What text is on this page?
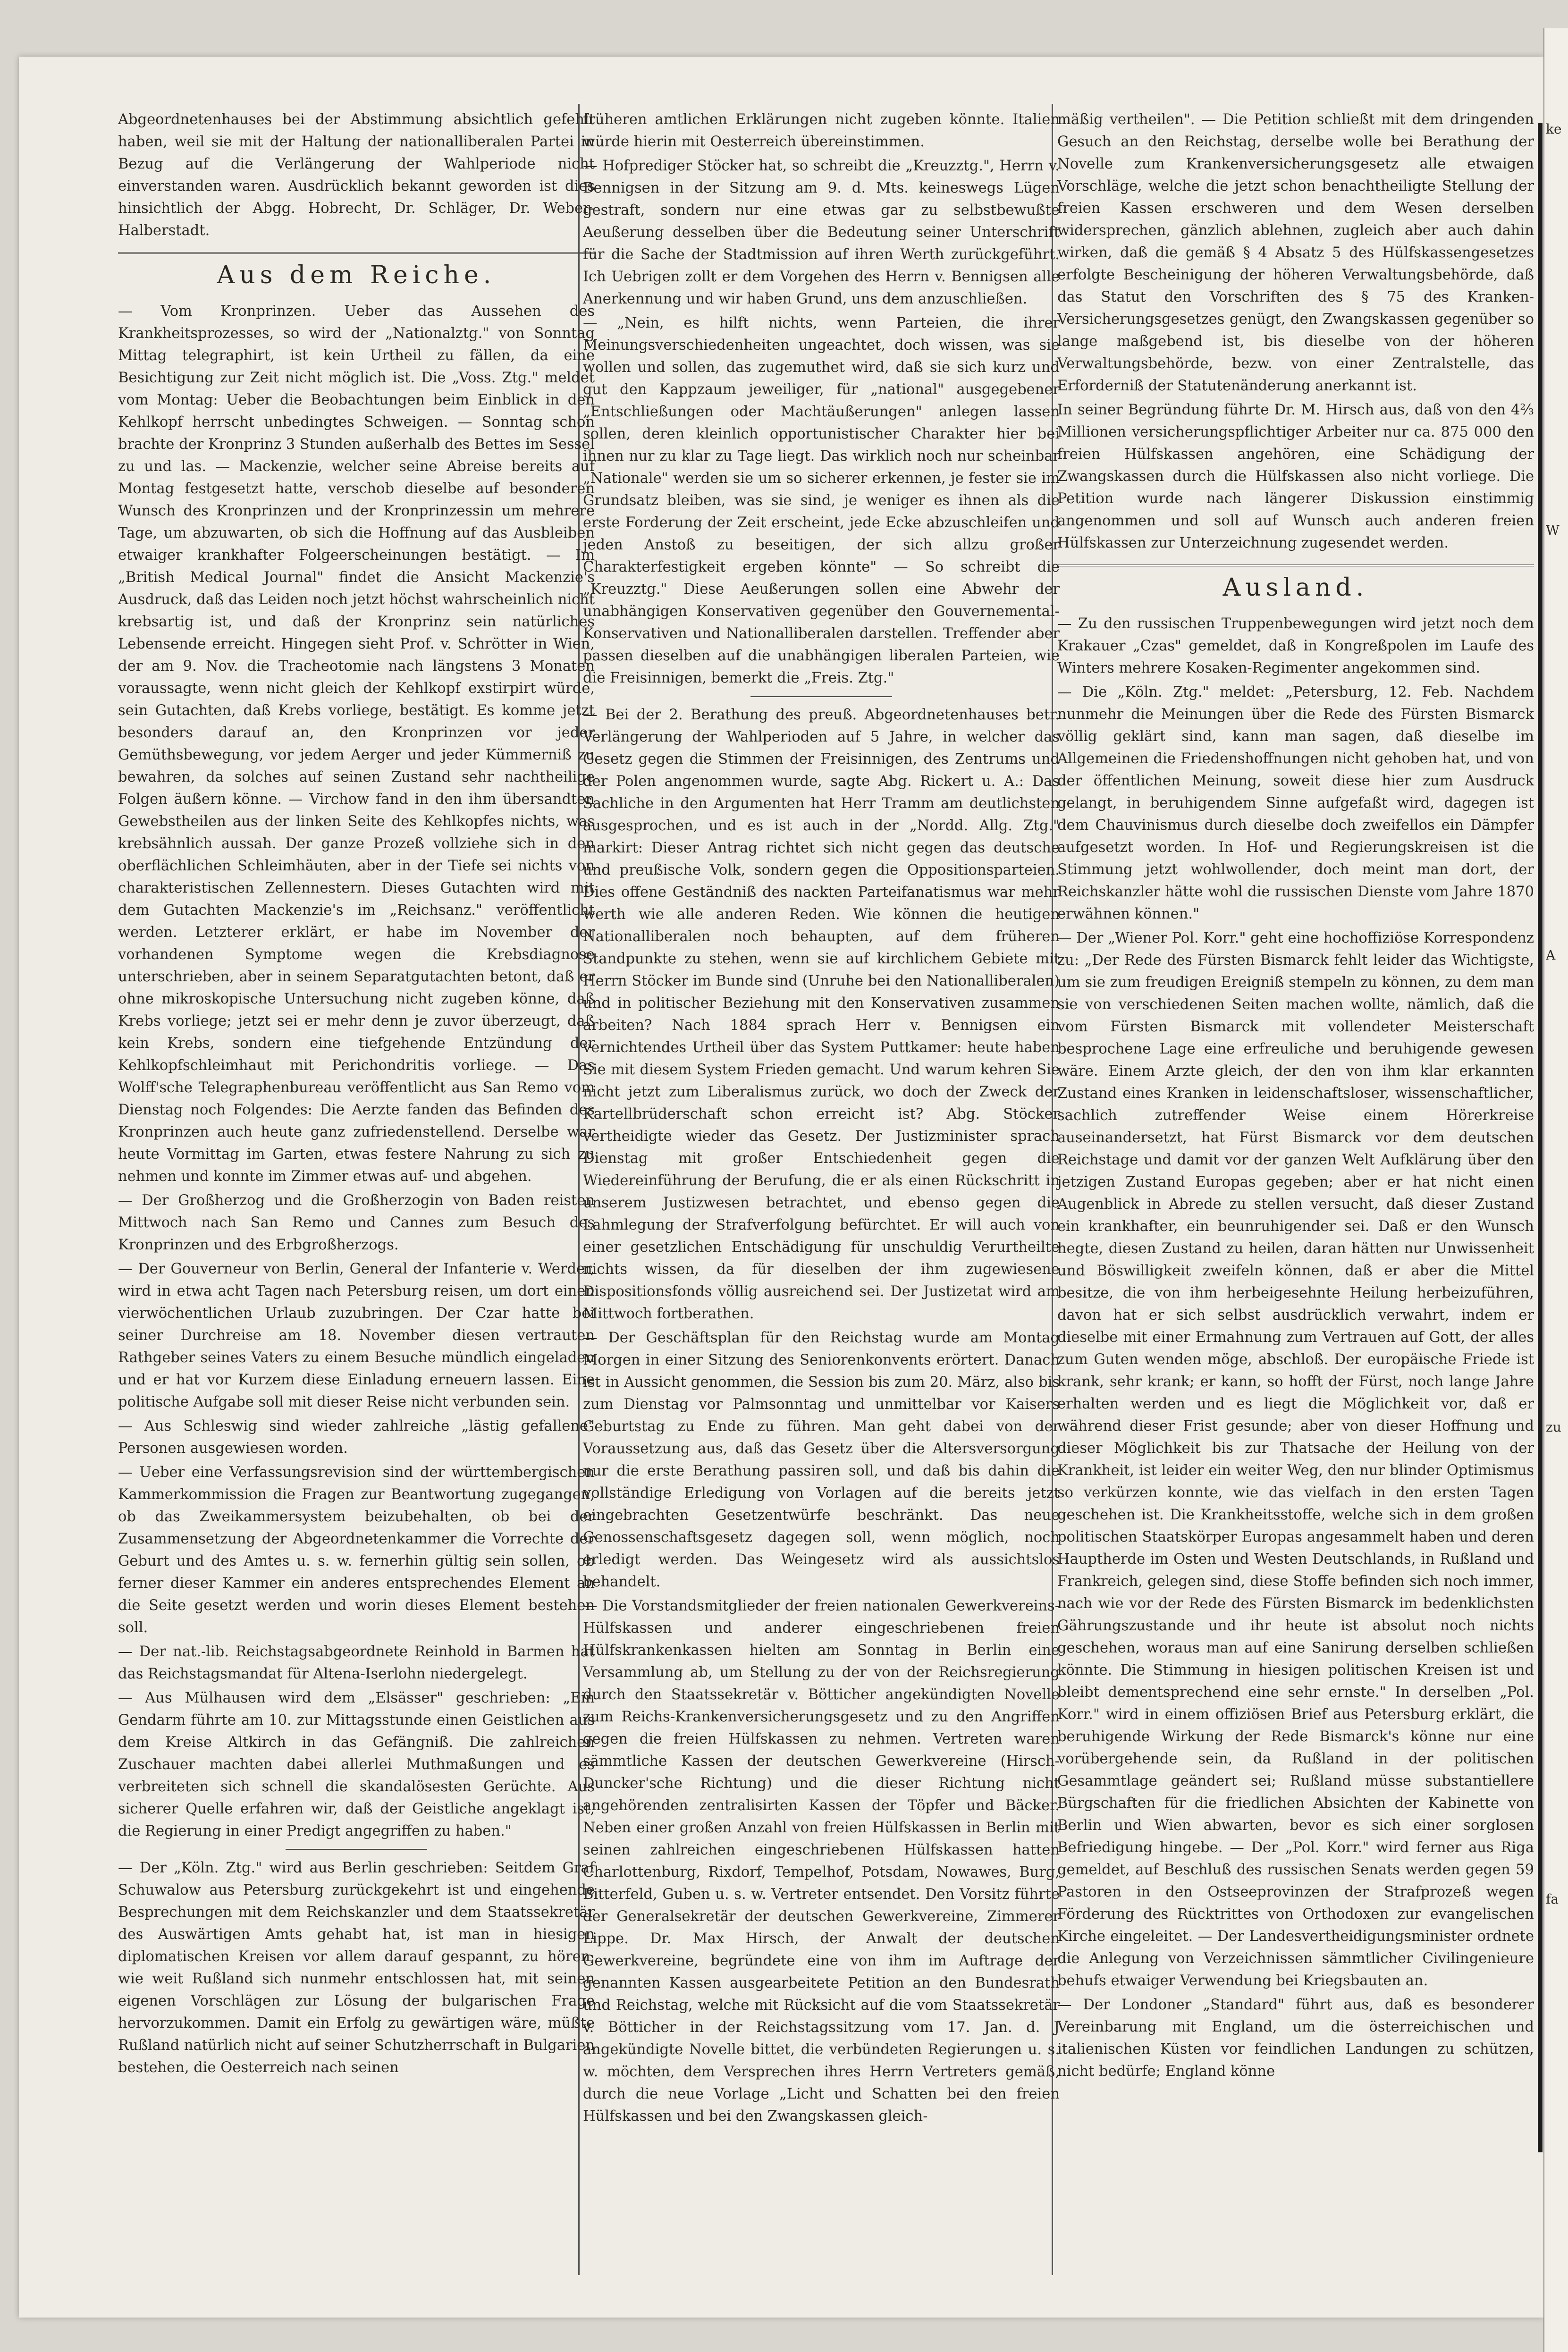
Abgeordnetenhauses bei der Abstimmung absichtlich gefehlt haben, weil sie mit der Haltung der nationalliberalen Partei in Bezug auf die Verlängerung der Wahlperiode nicht einverstanden waren. Ausdrücklich bekannt geworden ist dies hinsichtlich der Abgg. Hobrecht, Dr. Schläger, Dr. Weber-Halberstadt.

Aus dem Reiche.

— Vom Kronprinzen. Ueber das Aussehen des Krankheitsprozesses, so wird der „Nationalztg." von Sonntag Mittag telegraphirt, ist kein Urtheil zu fällen, da eine Besichtigung zur Zeit nicht möglich ist. Die „Voss. Ztg." meldet vom Montag: Ueber die Beobachtungen beim Einblick in den Kehlkopf herrscht unbedingtes Schweigen. — Sonntag schon brachte der Kronprinz 3 Stunden außerhalb des Bettes im Sessel zu und las. — Mackenzie, welcher seine Abreise bereits auf Montag festgesetzt hatte, verschob dieselbe auf besonderen Wunsch des Kronprinzen und der Kronprinzessin um mehrere Tage, um abzuwarten, ob sich die Hoffnung auf das Ausbleiben etwaiger krankhafter Folgeerscheinungen bestätigt. — Im „British Medical Journal" findet die Ansicht Mackenzie's Ausdruck, daß das Leiden noch jetzt höchst wahrscheinlich nicht krebsartig ist, und daß der Kronprinz sein natürliches Lebensende erreicht. Hingegen sieht Prof. v. Schrötter in Wien, der am 9. Nov. die Tracheotomie nach längstens 3 Monaten voraussagte, wenn nicht gleich der Kehlkopf exstirpirt würde, sein Gutachten, daß Krebs vorliege, bestätigt. Es komme jetzt besonders darauf an, den Kronprinzen vor jeder Gemüthsbewegung, vor jedem Aerger und jeder Kümmerniß zu bewahren, da solches auf seinen Zustand sehr nachtheilige Folgen äußern könne. — Virchow fand in den ihm übersandten Gewebstheilen aus der linken Seite des Kehlkopfes nichts, was krebsähnlich aussah. Der ganze Prozeß vollziehe sich in den oberflächlichen Schleimhäuten, aber in der Tiefe sei nichts von charakteristischen Zellennestern. Dieses Gutachten wird mit dem Gutachten Mackenzie's im „Reichsanz." veröffentlicht werden. Letzterer erklärt, er habe im November der vorhandenen Symptome wegen die Krebsdiagnose unterschrieben, aber in seinem Separatgutachten betont, daß er ohne mikroskopische Untersuchung nicht zugeben könne, daß Krebs vorliege; jetzt sei er mehr denn je zuvor überzeugt, daß kein Krebs, sondern eine tiefgehende Entzündung der Kehlkopfschleimhaut mit Perichondritis vorliege. — Das Wolff'sche Telegraphenbureau veröffentlicht aus San Remo vom Dienstag noch Folgendes: Die Aerzte fanden das Befinden des Kronprinzen auch heute ganz zufriedenstellend. Derselbe war heute Vormittag im Garten, etwas festere Nahrung zu sich zu nehmen und konnte im Zimmer etwas auf- und abgehen.

— Der Großherzog und die Großherzogin von Baden reisten Mittwoch nach San Remo und Cannes zum Besuch des Kronprinzen und des Erbgroßherzogs.

— Der Gouverneur von Berlin, General der Infanterie v. Werder, wird in etwa acht Tagen nach Petersburg reisen, um dort einen vierwöchentlichen Urlaub zuzubringen. Der Czar hatte bei seiner Durchreise am 18. November diesen vertrauten Rathgeber seines Vaters zu einem Besuche mündlich eingeladen und er hat vor Kurzem diese Einladung erneuern lassen. Eine politische Aufgabe soll mit dieser Reise nicht verbunden sein.

— Aus Schleswig sind wieder zahlreiche „lästig gefallene" Personen ausgewiesen worden.

— Ueber eine Verfassungsrevision sind der württembergischen Kammerkommission die Fragen zur Beantwortung zugegangen, ob das Zweikammersystem beizubehalten, ob bei der Zusammensetzung der Abgeordnetenkammer die Vorrechte der Geburt und des Amtes u. s. w. fernerhin gültig sein sollen, ob ferner dieser Kammer ein anderes entsprechendes Element an die Seite gesetzt werden und worin dieses Element bestehen soll.

— Der nat.-lib. Reichstagsabgeordnete Reinhold in Barmen hat das Reichstagsmandat für Altena-Iserlohn niedergelegt.

— Aus Mülhausen wird dem „Elsässer" geschrieben: „Ein Gendarm führte am 10. zur Mittagsstunde einen Geistlichen aus dem Kreise Altkirch in das Gefängniß. Die zahlreichen Zuschauer machten dabei allerlei Muthmaßungen und es verbreiteten sich schnell die skandalösesten Gerüchte. Aus sicherer Quelle erfahren wir, daß der Geistliche angeklagt ist, die Regierung in einer Predigt angegriffen zu haben."

— Der „Köln. Ztg." wird aus Berlin geschrieben: Seitdem Graf Schuwalow aus Petersburg zurückgekehrt ist und eingehende Besprechungen mit dem Reichskanzler und dem Staatssekretär des Auswärtigen Amts gehabt hat, ist man in hiesigen diplomatischen Kreisen vor allem darauf gespannt, zu hören, wie weit Rußland sich nunmehr entschlossen hat, mit seinen eigenen Vorschlägen zur Lösung der bulgarischen Frage hervorzukommen. Damit ein Erfolg zu gewärtigen wäre, müßte Rußland natürlich nicht auf seiner Schutzherrschaft in Bulgarien bestehen, die Oesterreich nach seinen

früheren amtlichen Erklärungen nicht zugeben könnte. Italien würde hierin mit Oesterreich übereinstimmen.

— Hofprediger Stöcker hat, so schreibt die „Kreuzztg.", Herrn v. Bennigsen in der Sitzung am 9. d. Mts. keineswegs Lügen gestraft, sondern nur eine etwas gar zu selbstbewußte Aeußerung desselben über die Bedeutung seiner Unterschrift für die Sache der Stadtmission auf ihren Werth zurückgeführt. Ich Uebrigen zollt er dem Vorgehen des Herrn v. Bennigsen alle Anerkennung und wir haben Grund, uns dem anzuschließen.

— „Nein, es hilft nichts, wenn Parteien, die ihrer Meinungsverschiedenheiten ungeachtet, doch wissen, was sie wollen und sollen, das zugemuthet wird, daß sie sich kurz und gut den Kappzaum jeweiliger, für „national" ausgegebener „Entschließungen oder Machtäußerungen" anlegen lassen sollen, deren kleinlich opportunistischer Charakter hier bei ihnen nur zu klar zu Tage liegt. Das wirklich noch nur scheinbar „Nationale" werden sie um so sicherer erkennen, je fester sie im Grundsatz bleiben, was sie sind, je weniger es ihnen als die erste Forderung der Zeit erscheint, jede Ecke abzuschleifen und jeden Anstoß zu beseitigen, der sich allzu großer Charakterfestigkeit ergeben könnte" — So schreibt die „Kreuzztg." Diese Aeußerungen sollen eine Abwehr der unabhängigen Konservativen gegenüber den Gouvernemental-Konservativen und Nationalliberalen darstellen. Treffender aber passen dieselben auf die unabhängigen liberalen Parteien, wie die Freisinnigen, bemerkt die „Freis. Ztg."

— Bei der 2. Berathung des preuß. Abgeordnetenhauses betr. Verlängerung der Wahlperioden auf 5 Jahre, in welcher das Gesetz gegen die Stimmen der Freisinnigen, des Zentrums und der Polen angenommen wurde, sagte Abg. Rickert u. A.: Das Sachliche in den Argumenten hat Herr Tramm am deutlichsten ausgesprochen, und es ist auch in der „Nordd. Allg. Ztg." markirt: Dieser Antrag richtet sich nicht gegen das deutsche und preußische Volk, sondern gegen die Oppositionsparteien. Dies offene Geständniß des nackten Parteifanatismus war mehr werth wie alle anderen Reden. Wie können die heutigen Nationalliberalen noch behaupten, auf dem früheren Standpunkte zu stehen, wenn sie auf kirchlichem Gebiete mit Herrn Stöcker im Bunde sind (Unruhe bei den Nationalliberalen) und in politischer Beziehung mit den Konservativen zusammen arbeiten? Nach 1884 sprach Herr v. Bennigsen ein vernichtendes Urtheil über das System Puttkamer: heute haben Sie mit diesem System Frieden gemacht. Und warum kehren Sie nicht jetzt zum Liberalismus zurück, wo doch der Zweck der Kartellbrüderschaft schon erreicht ist? Abg. Stöcker vertheidigte wieder das Gesetz. Der Justizminister sprach Dienstag mit großer Entschiedenheit gegen die Wiedereinführung der Berufung, die er als einen Rückschritt in unserem Justizwesen betrachtet, und ebenso gegen die Lahmlegung der Strafverfolgung befürchtet. Er will auch von einer gesetzlichen Entschädigung für unschuldig Verurtheilte nichts wissen, da für dieselben der ihm zugewiesene Dispositionsfonds völlig ausreichend sei. Der Justizetat wird am Mittwoch fortberathen.

— Der Geschäftsplan für den Reichstag wurde am Montag Morgen in einer Sitzung des Seniorenkonvents erörtert. Danach ist in Aussicht genommen, die Session bis zum 20. März, also bis zum Dienstag vor Palmsonntag und unmittelbar vor Kaisers Geburtstag zu Ende zu führen. Man geht dabei von der Voraussetzung aus, daß das Gesetz über die Altersversorgung nur die erste Berathung passiren soll, und daß bis dahin die vollständige Erledigung von Vorlagen auf die bereits jetzt eingebrachten Gesetzentwürfe beschränkt. Das neue Genossenschaftsgesetz dagegen soll, wenn möglich, noch erledigt werden. Das Weingesetz wird als aussichtslos behandelt.

— Die Vorstandsmitglieder der freien nationalen Gewerkvereins-Hülfskassen und anderer eingeschriebenen freien Hülfskrankenkassen hielten am Sonntag in Berlin eine Versammlung ab, um Stellung zu der von der Reichsregierung durch den Staatssekretär v. Bötticher angekündigten Novelle zum Reichs-Krankenversicherungsgesetz und zu den Angriffen gegen die freien Hülfskassen zu nehmen. Vertreten waren sämmtliche Kassen der deutschen Gewerkvereine (Hirsch-Duncker'sche Richtung) und die dieser Richtung nicht angehörenden zentralisirten Kassen der Töpfer und Bäcker. Neben einer großen Anzahl von freien Hülfskassen in Berlin mit seinen zahlreichen eingeschriebenen Hülfskassen hatten Charlottenburg, Rixdorf, Tempelhof, Potsdam, Nowawes, Burg, Bitterfeld, Guben u. s. w. Vertreter entsendet. Den Vorsitz führte der Generalsekretär der deutschen Gewerkvereine, Zimmerer Lippe. Dr. Max Hirsch, der Anwalt der deutschen Gewerkvereine, begründete eine von ihm im Auftrage der genannten Kassen ausgearbeitete Petition an den Bundesrath und Reichstag, welche mit Rücksicht auf die vom Staatssekretär v. Bötticher in der Reichstagssitzung vom 17. Jan. d. J angekündigte Novelle bittet, die verbündeten Regierungen u. s. w. möchten, dem Versprechen ihres Herrn Vertreters gemäß, durch die neue Vorlage „Licht und Schatten bei den freien Hülfskassen und bei den Zwangskassen gleich-

mäßig vertheilen". — Die Petition schließt mit dem dringenden Gesuch an den Reichstag, derselbe wolle bei Berathung der Novelle zum Krankenversicherungsgesetz alle etwaigen Vorschläge, welche die jetzt schon benachtheiligte Stellung der freien Kassen erschweren und dem Wesen derselben widersprechen, gänzlich ablehnen, zugleich aber auch dahin wirken, daß die gemäß § 4 Absatz 5 des Hülfskassengesetzes erfolgte Bescheinigung der höheren Verwaltungsbehörde, daß das Statut den Vorschriften des § 75 des Kranken-Versicherungsgesetzes genügt, den Zwangskassen gegenüber so lange maßgebend ist, bis dieselbe von der höheren Verwaltungsbehörde, bezw. von einer Zentralstelle, das Erforderniß der Statutenänderung anerkannt ist.

In seiner Begründung führte Dr. M. Hirsch aus, daß von den 4⅔ Millionen versicherungspflichtiger Arbeiter nur ca. 875 000 den freien Hülfskassen angehören, eine Schädigung der Zwangskassen durch die Hülfskassen also nicht vorliege. Die Petition wurde nach längerer Diskussion einstimmig angenommen und soll auf Wunsch auch anderen freien Hülfskassen zur Unterzeichnung zugesendet werden.

Ausland.

— Zu den russischen Truppenbewegungen wird jetzt noch dem Krakauer „Czas" gemeldet, daß in Kongreßpolen im Laufe des Winters mehrere Kosaken-Regimenter angekommen sind.

— Die „Köln. Ztg." meldet: „Petersburg, 12. Feb. Nachdem nunmehr die Meinungen über die Rede des Fürsten Bismarck völlig geklärt sind, kann man sagen, daß dieselbe im Allgemeinen die Friedenshoffnungen nicht gehoben hat, und von der öffentlichen Meinung, soweit diese hier zum Ausdruck gelangt, in beruhigendem Sinne aufgefaßt wird, dagegen ist dem Chauvinismus durch dieselbe doch zweifellos ein Dämpfer aufgesetzt worden. In Hof- und Regierungskreisen ist die Stimmung jetzt wohlwollender, doch meint man dort, der Reichskanzler hätte wohl die russischen Dienste vom Jahre 1870 erwähnen können."

— Der „Wiener Pol. Korr." geht eine hochoffiziöse Korrespondenz zu: „Der Rede des Fürsten Bismarck fehlt leider das Wichtigste, um sie zum freudigen Ereigniß stempeln zu können, zu dem man sie von verschiedenen Seiten machen wollte, nämlich, daß die vom Fürsten Bismarck mit vollendeter Meisterschaft besprochene Lage eine erfreuliche und beruhigende gewesen wäre. Einem Arzte gleich, der den von ihm klar erkannten Zustand eines Kranken in leidenschaftsloser, wissenschaftlicher, sachlich zutreffender Weise einem Hörerkreise auseinandersetzt, hat Fürst Bismarck vor dem deutschen Reichstage und damit vor der ganzen Welt Aufklärung über den jetzigen Zustand Europas gegeben; aber er hat nicht einen Augenblick in Abrede zu stellen versucht, daß dieser Zustand ein krankhafter, ein beunruhigender sei. Daß er den Wunsch hegte, diesen Zustand zu heilen, daran hätten nur Unwissenheit und Böswilligkeit zweifeln können, daß er aber die Mittel besitze, die von ihm herbeigesehnte Heilung herbeizuführen, davon hat er sich selbst ausdrücklich verwahrt, indem er dieselbe mit einer Ermahnung zum Vertrauen auf Gott, der alles zum Guten wenden möge, abschloß. Der europäische Friede ist krank, sehr krank; er kann, so hofft der Fürst, noch lange Jahre erhalten werden und es liegt die Möglichkeit vor, daß er während dieser Frist gesunde; aber von dieser Hoffnung und dieser Möglichkeit bis zur Thatsache der Heilung von der Krankheit, ist leider ein weiter Weg, den nur blinder Optimismus so verkürzen konnte, wie das vielfach in den ersten Tagen geschehen ist. Die Krankheitsstoffe, welche sich in dem großen politischen Staatskörper Europas angesammelt haben und deren Hauptherde im Osten und Westen Deutschlands, in Rußland und Frankreich, gelegen sind, diese Stoffe befinden sich noch immer, nach wie vor der Rede des Fürsten Bismarck im bedenklichsten Gährungszustande und ihr heute ist absolut noch nichts geschehen, woraus man auf eine Sanirung derselben schließen könnte. Die Stimmung in hiesigen politischen Kreisen ist und bleibt dementsprechend eine sehr ernste." In derselben „Pol. Korr." wird in einem offiziösen Brief aus Petersburg erklärt, die beruhigende Wirkung der Rede Bismarck's könne nur eine vorübergehende sein, da Rußland in der politischen Gesammtlage geändert sei; Rußland müsse substantiellere Bürgschaften für die friedlichen Absichten der Kabinette von Berlin und Wien abwarten, bevor es sich einer sorglosen Befriedigung hingebe. — Der „Pol. Korr." wird ferner aus Riga gemeldet, auf Beschluß des russischen Senats werden gegen 59 Pastoren in den Ostseeprovinzen der Strafprozeß wegen Förderung des Rücktrittes von Orthodoxen zur evangelischen Kirche eingeleitet. — Der Landesvertheidigungsminister ordnete die Anlegung von Verzeichnissen sämmtlicher Civilingenieure behufs etwaiger Verwendung bei Kriegsbauten an.

— Der Londoner „Standard" führt aus, daß es besonderer Vereinbarung mit England, um die österreichischen und italienischen Küsten vor feindlichen Landungen zu schützen, nicht bedürfe; England könne

ke
W
A
zu
fa
